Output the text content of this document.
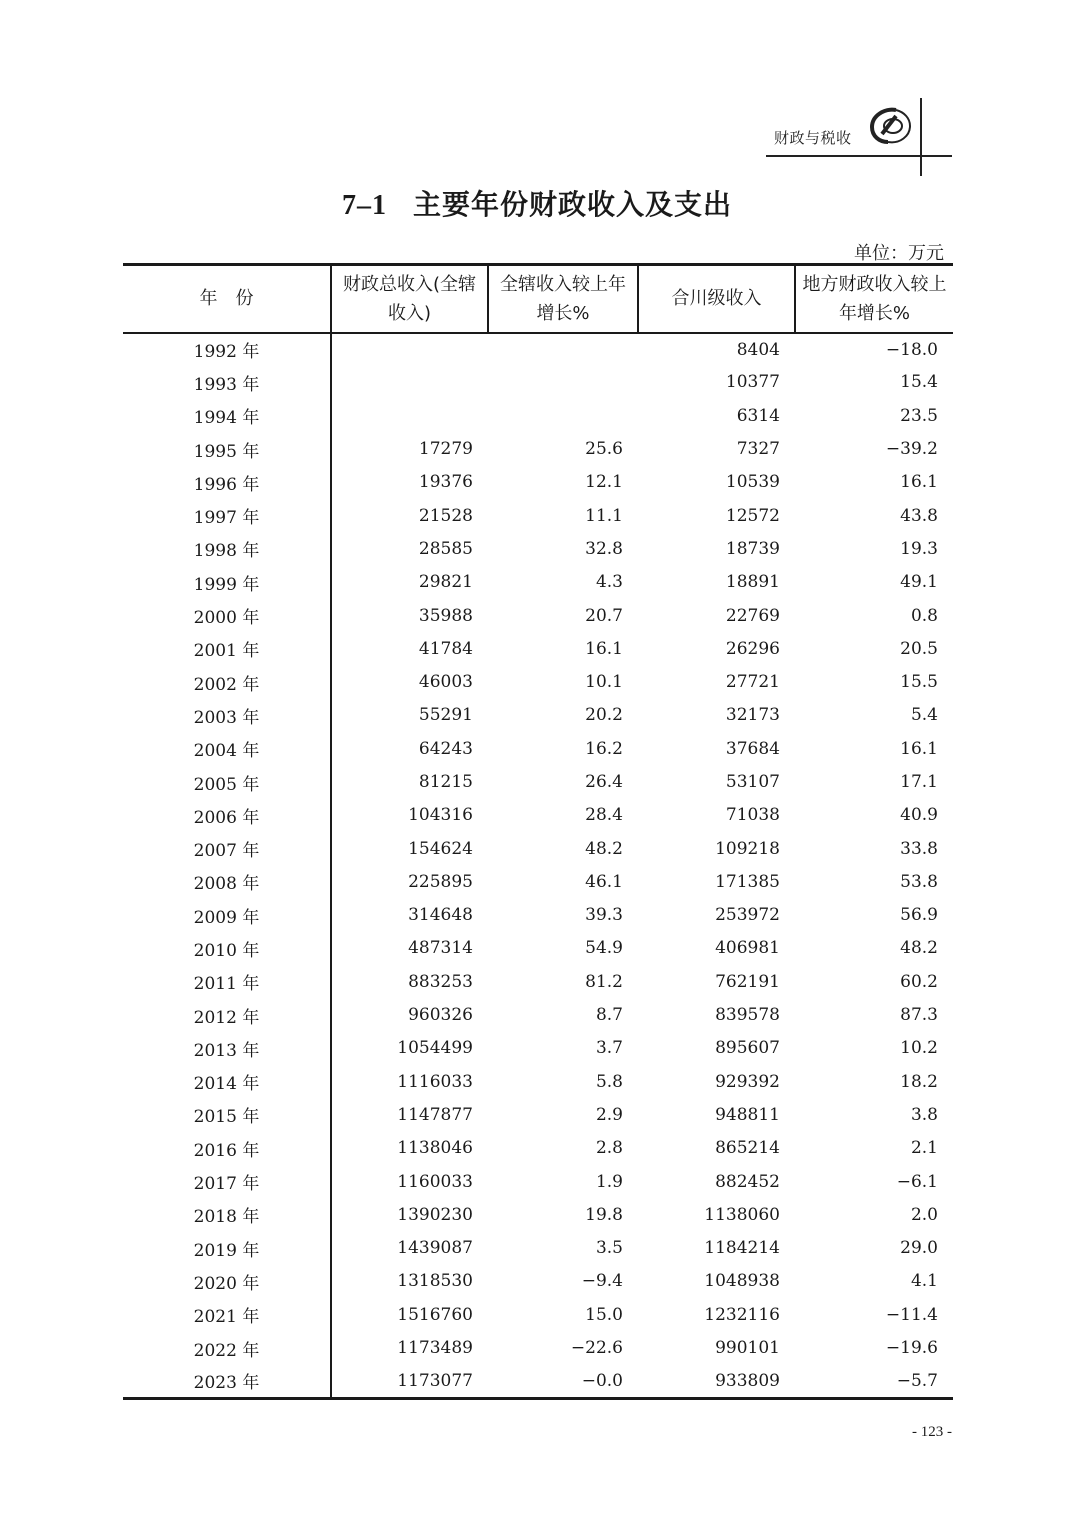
财政与税收
7–1 主要年份财政收入及支出
单位：万元
年　份	财政总收入(全辖收入)	全辖收入较上年增长%	合川级收入	地方财政收入较上年增长%
1992 年			8404	−18.0
1993 年			10377	15.4
1994 年			6314	23.5
1995 年	17279	25.6	7327	−39.2
1996 年	19376	12.1	10539	16.1
1997 年	21528	11.1	12572	43.8
1998 年	28585	32.8	18739	19.3
1999 年	29821	4.3	18891	49.1
2000 年	35988	20.7	22769	0.8
2001 年	41784	16.1	26296	20.5
2002 年	46003	10.1	27721	15.5
2003 年	55291	20.2	32173	5.4
2004 年	64243	16.2	37684	16.1
2005 年	81215	26.4	53107	17.1
2006 年	104316	28.4	71038	40.9
2007 年	154624	48.2	109218	33.8
2008 年	225895	46.1	171385	53.8
2009 年	314648	39.3	253972	56.9
2010 年	487314	54.9	406981	48.2
2011 年	883253	81.2	762191	60.2
2012 年	960326	8.7	839578	87.3
2013 年	1054499	3.7	895607	10.2
2014 年	1116033	5.8	929392	18.2
2015 年	1147877	2.9	948811	3.8
2016 年	1138046	2.8	865214	2.1
2017 年	1160033	1.9	882452	−6.1
2018 年	1390230	19.8	1138060	2.0
2019 年	1439087	3.5	1184214	29.0
2020 年	1318530	−9.4	1048938	4.1
2021 年	1516760	15.0	1232116	−11.4
2022 年	1173489	−22.6	990101	−19.6
2023 年	1173077	−0.0	933809	−5.7
- 123 -
